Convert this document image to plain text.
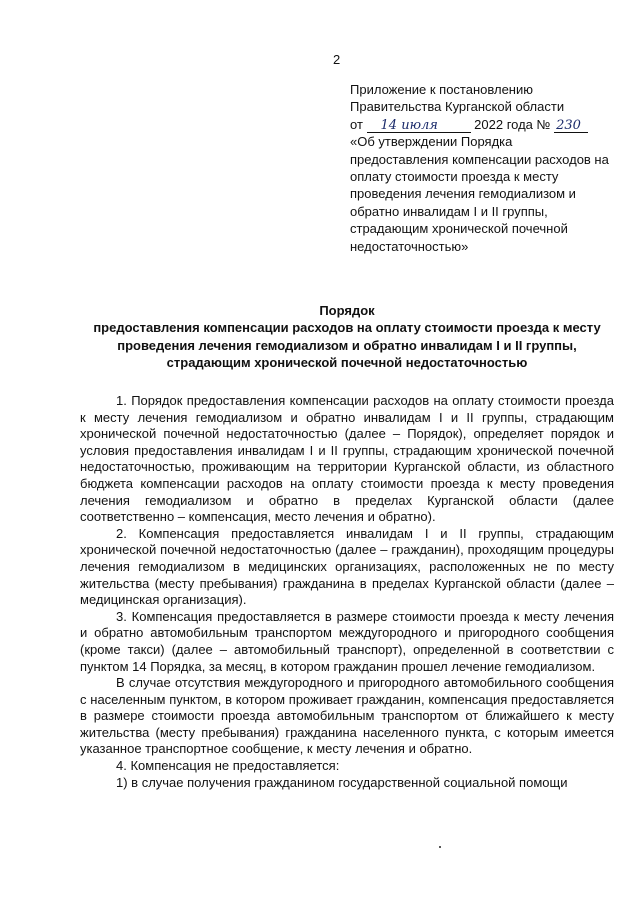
2
Приложение к постановлению
Правительства Курганской области
от 14 июля	2022 года № 230
«Об утверждении Порядка предоставления компенсации расходов на оплату стоимости проезда к месту проведения лечения гемодиализом и обратно инвалидам I и II группы, страдающим хронической почечной недостаточностью»
Порядок
предоставления компенсации расходов на оплату стоимости проезда к месту проведения лечения гемодиализом и обратно инвалидам I и II группы, страдающим хронической почечной недостаточностью

1. Порядок предоставления компенсации расходов на оплату стоимости проезда к месту лечения гемодиализом и обратно инвалидам I и II группы, страдающим хронической почечной недостаточностью (далее – Порядок), определяет порядок и условия предоставления инвалидам I и II группы, страдающим хронической почечной недостаточностью, проживающим на территории Курганской области, из областного бюджета компенсации расходов на оплату стоимости проезда к месту проведения лечения гемодиализом и обратно в пределах Курганской области (далее соответственно – компенсация, место лечения и обратно).

2. Компенсация предоставляется инвалидам I и II группы, страдающим хронической почечной недостаточностью (далее – гражданин), проходящим процедуры лечения гемодиализом в медицинских организациях, расположенных не по месту жительства (месту пребывания) гражданина в пределах Курганской области (далее – медицинская организация).

3. Компенсация предоставляется в размере стоимости проезда к месту лечения и обратно автомобильным транспортом междугородного и пригородного сообщения (кроме такси) (далее – автомобильный транспорт), определенной в соответствии с пунктом 14 Порядка, за месяц, в котором гражданин прошел лечение гемодиализом.

В случае отсутствия междугородного и пригородного автомобильного сообщения с населенным пунктом, в котором проживает гражданин, компенсация предоставляется в размере стоимости проезда автомобильным транспортом от ближайшего к месту жительства (месту пребывания) гражданина населенного пункта, с которым имеется указанное транспортное сообщение, к месту лечения и обратно.

4. Компенсация не предоставляется:

1) в случае получения гражданином государственной социальной помощи
